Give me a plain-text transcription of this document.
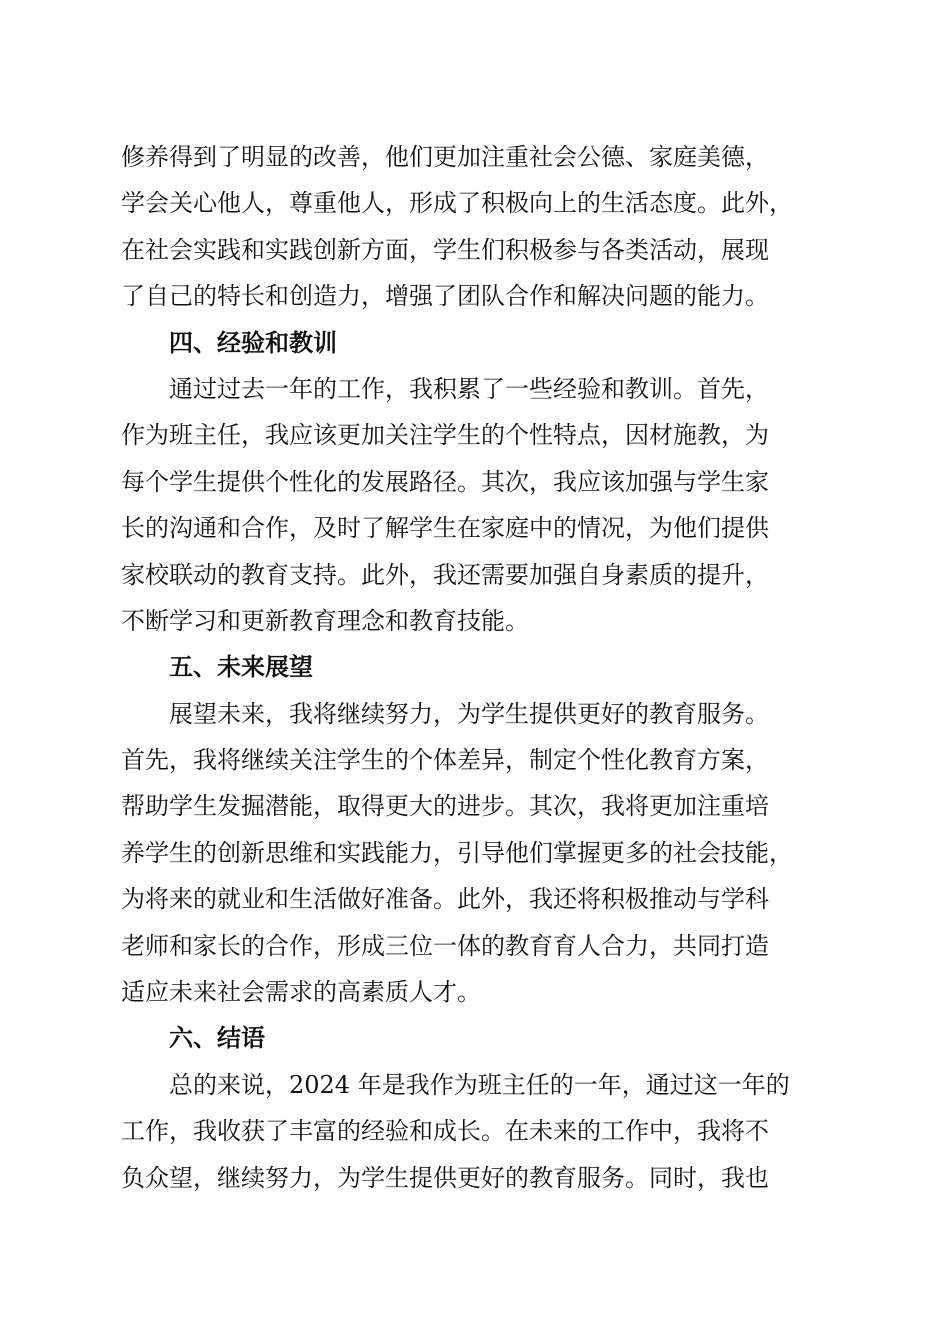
修养得到了明显的改善，他们更加注重社会公德、家庭美德，
学会关心他人，尊重他人，形成了积极向上的生活态度。此外，
在社会实践和实践创新方面，学生们积极参与各类活动，展现
了自己的特长和创造力，增强了团队合作和解决问题的能力。
四、经验和教训
通过过去一年的工作，我积累了一些经验和教训。首先，
作为班主任，我应该更加关注学生的个性特点，因材施教，为
每个学生提供个性化的发展路径。其次，我应该加强与学生家
长的沟通和合作，及时了解学生在家庭中的情况，为他们提供
家校联动的教育支持。此外，我还需要加强自身素质的提升，
不断学习和更新教育理念和教育技能。
五、未来展望
展望未来，我将继续努力，为学生提供更好的教育服务。
首先，我将继续关注学生的个体差异，制定个性化教育方案，
帮助学生发掘潜能，取得更大的进步。其次，我将更加注重培
养学生的创新思维和实践能力，引导他们掌握更多的社会技能，
为将来的就业和生活做好准备。此外，我还将积极推动与学科
老师和家长的合作，形成三位一体的教育育人合力，共同打造
适应未来社会需求的高素质人才。
六、结语
总的来说，2024 年是我作为班主任的一年，通过这一年的
工作，我收获了丰富的经验和成长。在未来的工作中，我将不
负众望，继续努力，为学生提供更好的教育服务。同时，我也
